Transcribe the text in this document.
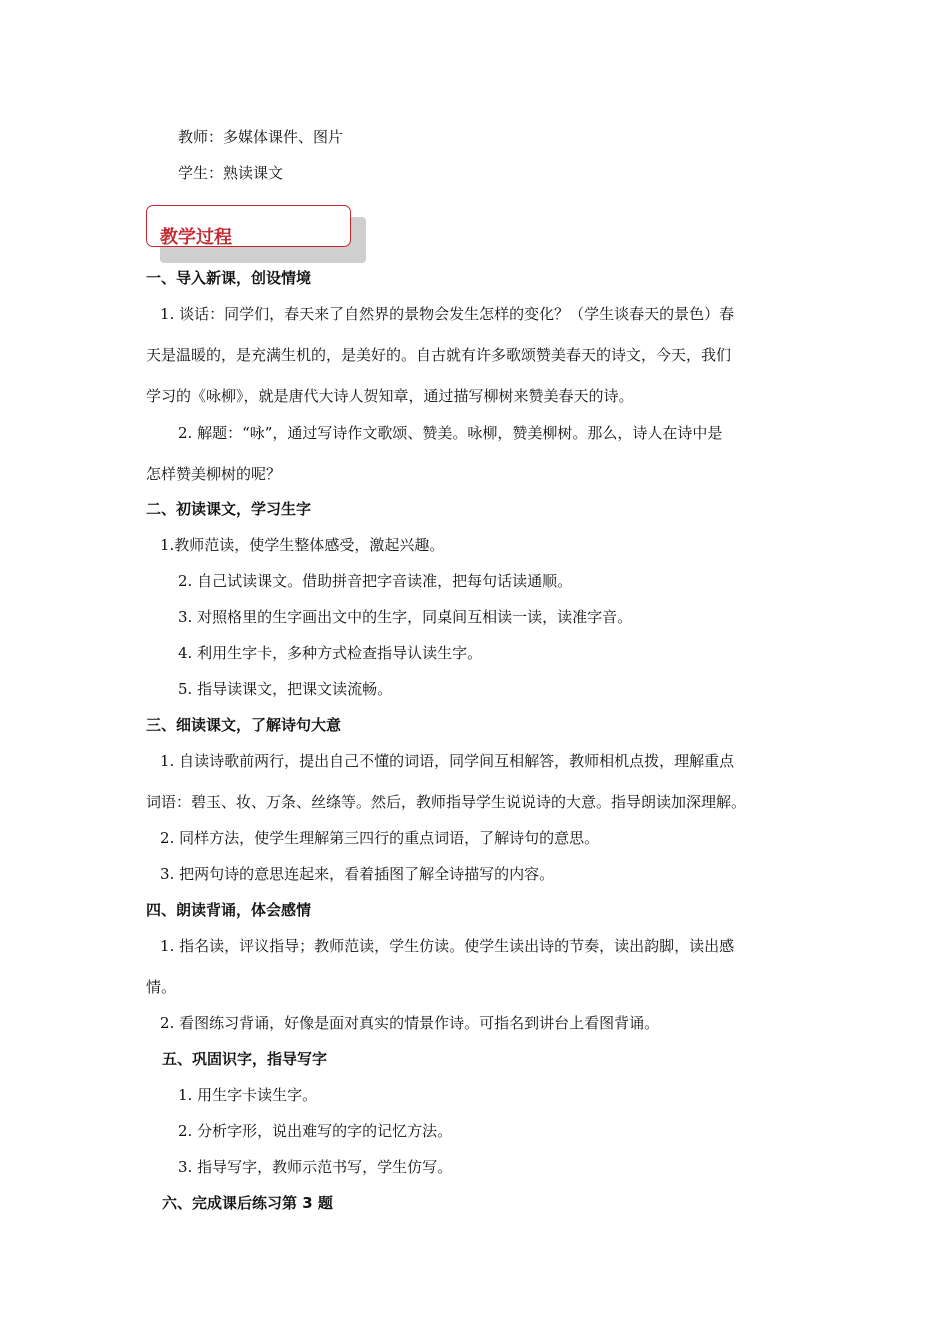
教师：多媒体课件、图片
学生：熟读课文
教学过程
一、导入新课，创设情境
1. 谈话：同学们，春天来了自然界的景物会发生怎样的变化？（学生谈春天的景色）春
天是温暖的，是充满生机的，是美好的。自古就有许多歌颂赞美春天的诗文，今天，我们
学习的《咏柳》，就是唐代大诗人贺知章，通过描写柳树来赞美春天的诗。
2. 解题：“咏”，通过写诗作文歌颂、赞美。咏柳，赞美柳树。那么，诗人在诗中是
怎样赞美柳树的呢？
二、初读课文，学习生字
1.教师范读，使学生整体感受，激起兴趣。
2. 自己试读课文。借助拼音把字音读准，把每句话读通顺。
3. 对照格里的生字画出文中的生字，同桌间互相读一读，读准字音。
4. 利用生字卡，多种方式检查指导认读生字。
5. 指导读课文，把课文读流畅。
三、细读课文，了解诗句大意
1. 自读诗歌前两行，提出自己不懂的词语，同学间互相解答，教师相机点拨，理解重点
词语：碧玉、妆、万条、丝绦等。然后，教师指导学生说说诗的大意。指导朗读加深理解。
2. 同样方法，使学生理解第三四行的重点词语，了解诗句的意思。
3. 把两句诗的意思连起来，看着插图了解全诗描写的内容。
四、朗读背诵，体会感情
1. 指名读，评议指导；教师范读，学生仿读。使学生读出诗的节奏，读出韵脚，读出感
情。
2. 看图练习背诵，好像是面对真实的情景作诗。可指名到讲台上看图背诵。
五、巩固识字，指导写字
1. 用生字卡读生字。
2. 分析字形，说出难写的字的记忆方法。
3. 指导写字，教师示范书写，学生仿写。
六、完成课后练习第 3 题
